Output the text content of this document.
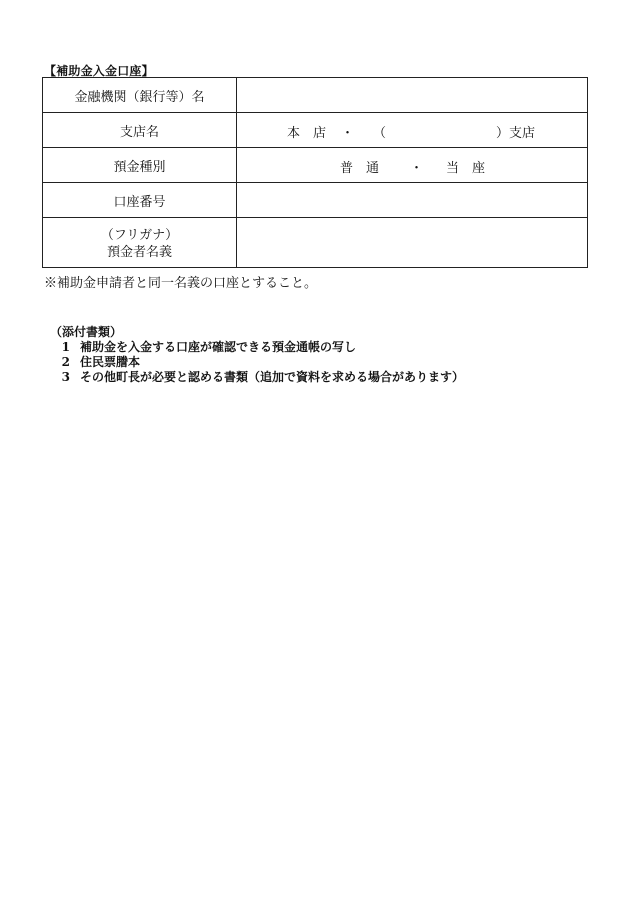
【補助金入金口座】
金融機関（銀行等）名	
支店名	本　店 ・ （ ）支店

預金種別	普　通 ・ 当　座

口座番号	

（フリガナ）
預金者名義	

※補助金申請者と同一名義の口座とすること。
（添付書類）
1 補助金を入金する口座が確認できる預金通帳の写し
2 住民票謄本
3 その他町長が必要と認める書類（追加で資料を求める場合があります）
